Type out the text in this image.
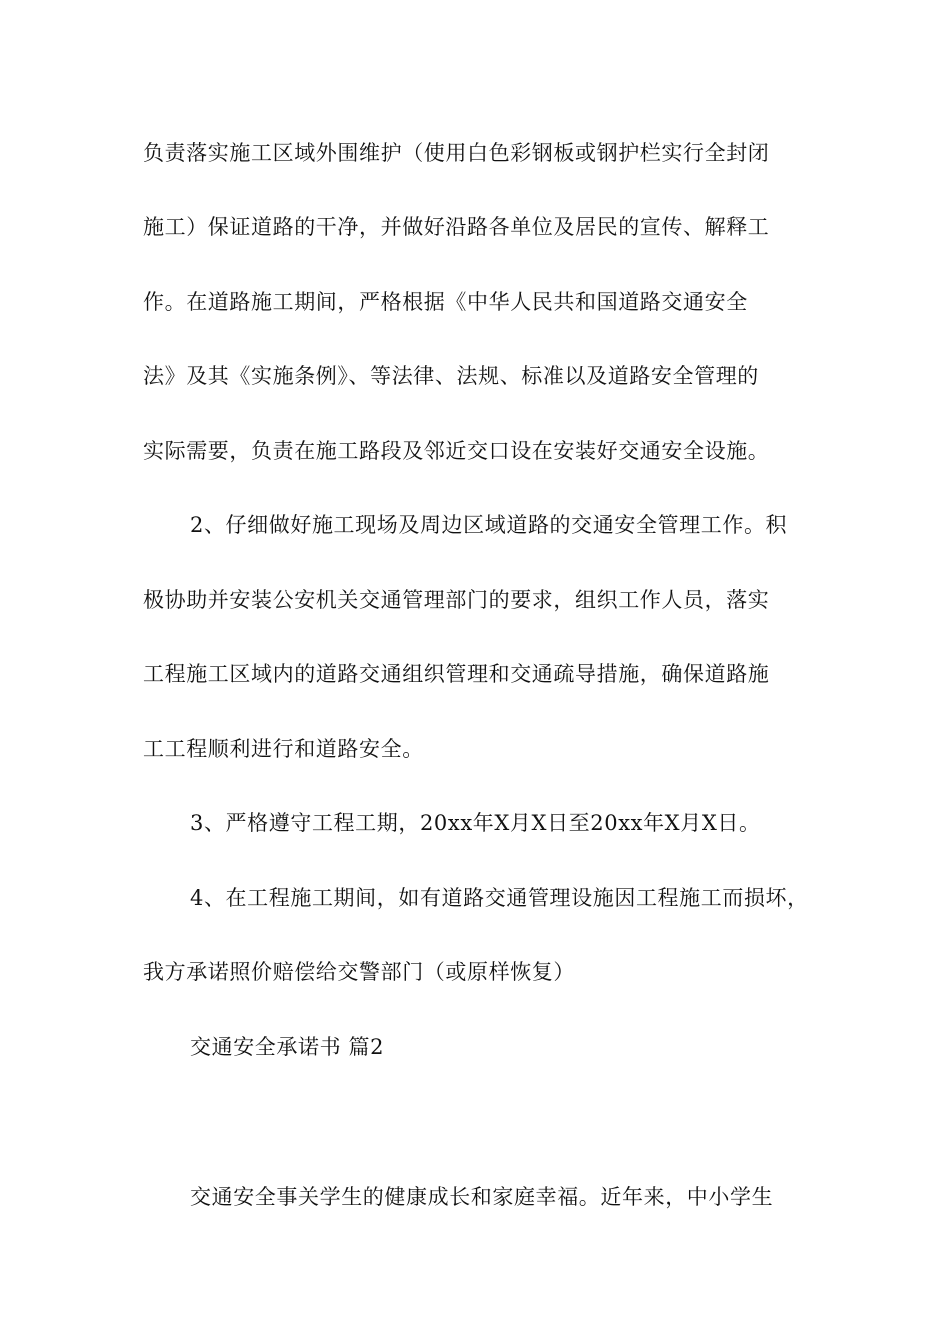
负责落实施工区域外围维护（使用白色彩钢板或钢护栏实行全封闭
施工）保证道路的干净，并做好沿路各单位及居民的宣传、解释工
作。在道路施工期间，严格根据《中华人民共和国道路交通安全
法》及其《实施条例》、等法律、法规、标准以及道路安全管理的
实际需要，负责在施工路段及邻近交口设在安装好交通安全设施。
2、仔细做好施工现场及周边区域道路的交通安全管理工作。积
极协助并安装公安机关交通管理部门的要求，组织工作人员，落实
工程施工区域内的道路交通组织管理和交通疏导措施，确保道路施
工工程顺利进行和道路安全。
3、严格遵守工程工期，20xx年X月X日至20xx年X月X日。
4、在工程施工期间，如有道路交通管理设施因工程施工而损坏，
我方承诺照价赔偿给交警部门（或原样恢复）
交通安全承诺书 篇2
交通安全事关学生的健康成长和家庭幸福。近年来，中小学生
